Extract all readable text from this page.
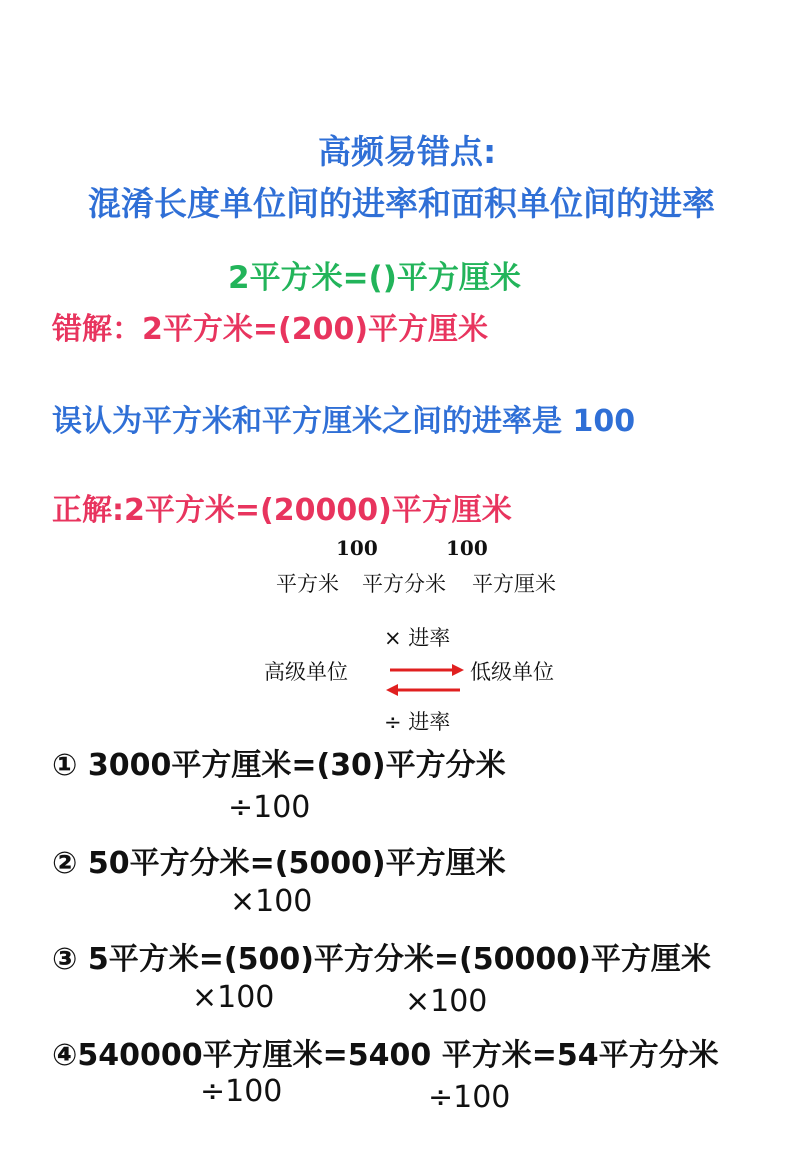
高频易错点:
混淆长度单位间的进率和面积单位间的进率
2平方米=()平方厘米
错解：2平方米=(200)平方厘米
误认为平方米和平方厘米之间的进率是 100
正解:2平方米=(20000)平方厘米
100	100
平方米 平方分米 平方厘米
× 进率
高级单位	低级单位
÷ 进率
① 3000平方厘米=(30)平方分米
÷100
② 50平方分米=(5000)平方厘米
×100
③ 5平方米=(500)平方分米=(50000)平方厘米
×100	×100
④540000平方厘米=5400 平方米=54平方分米
÷100	÷100
